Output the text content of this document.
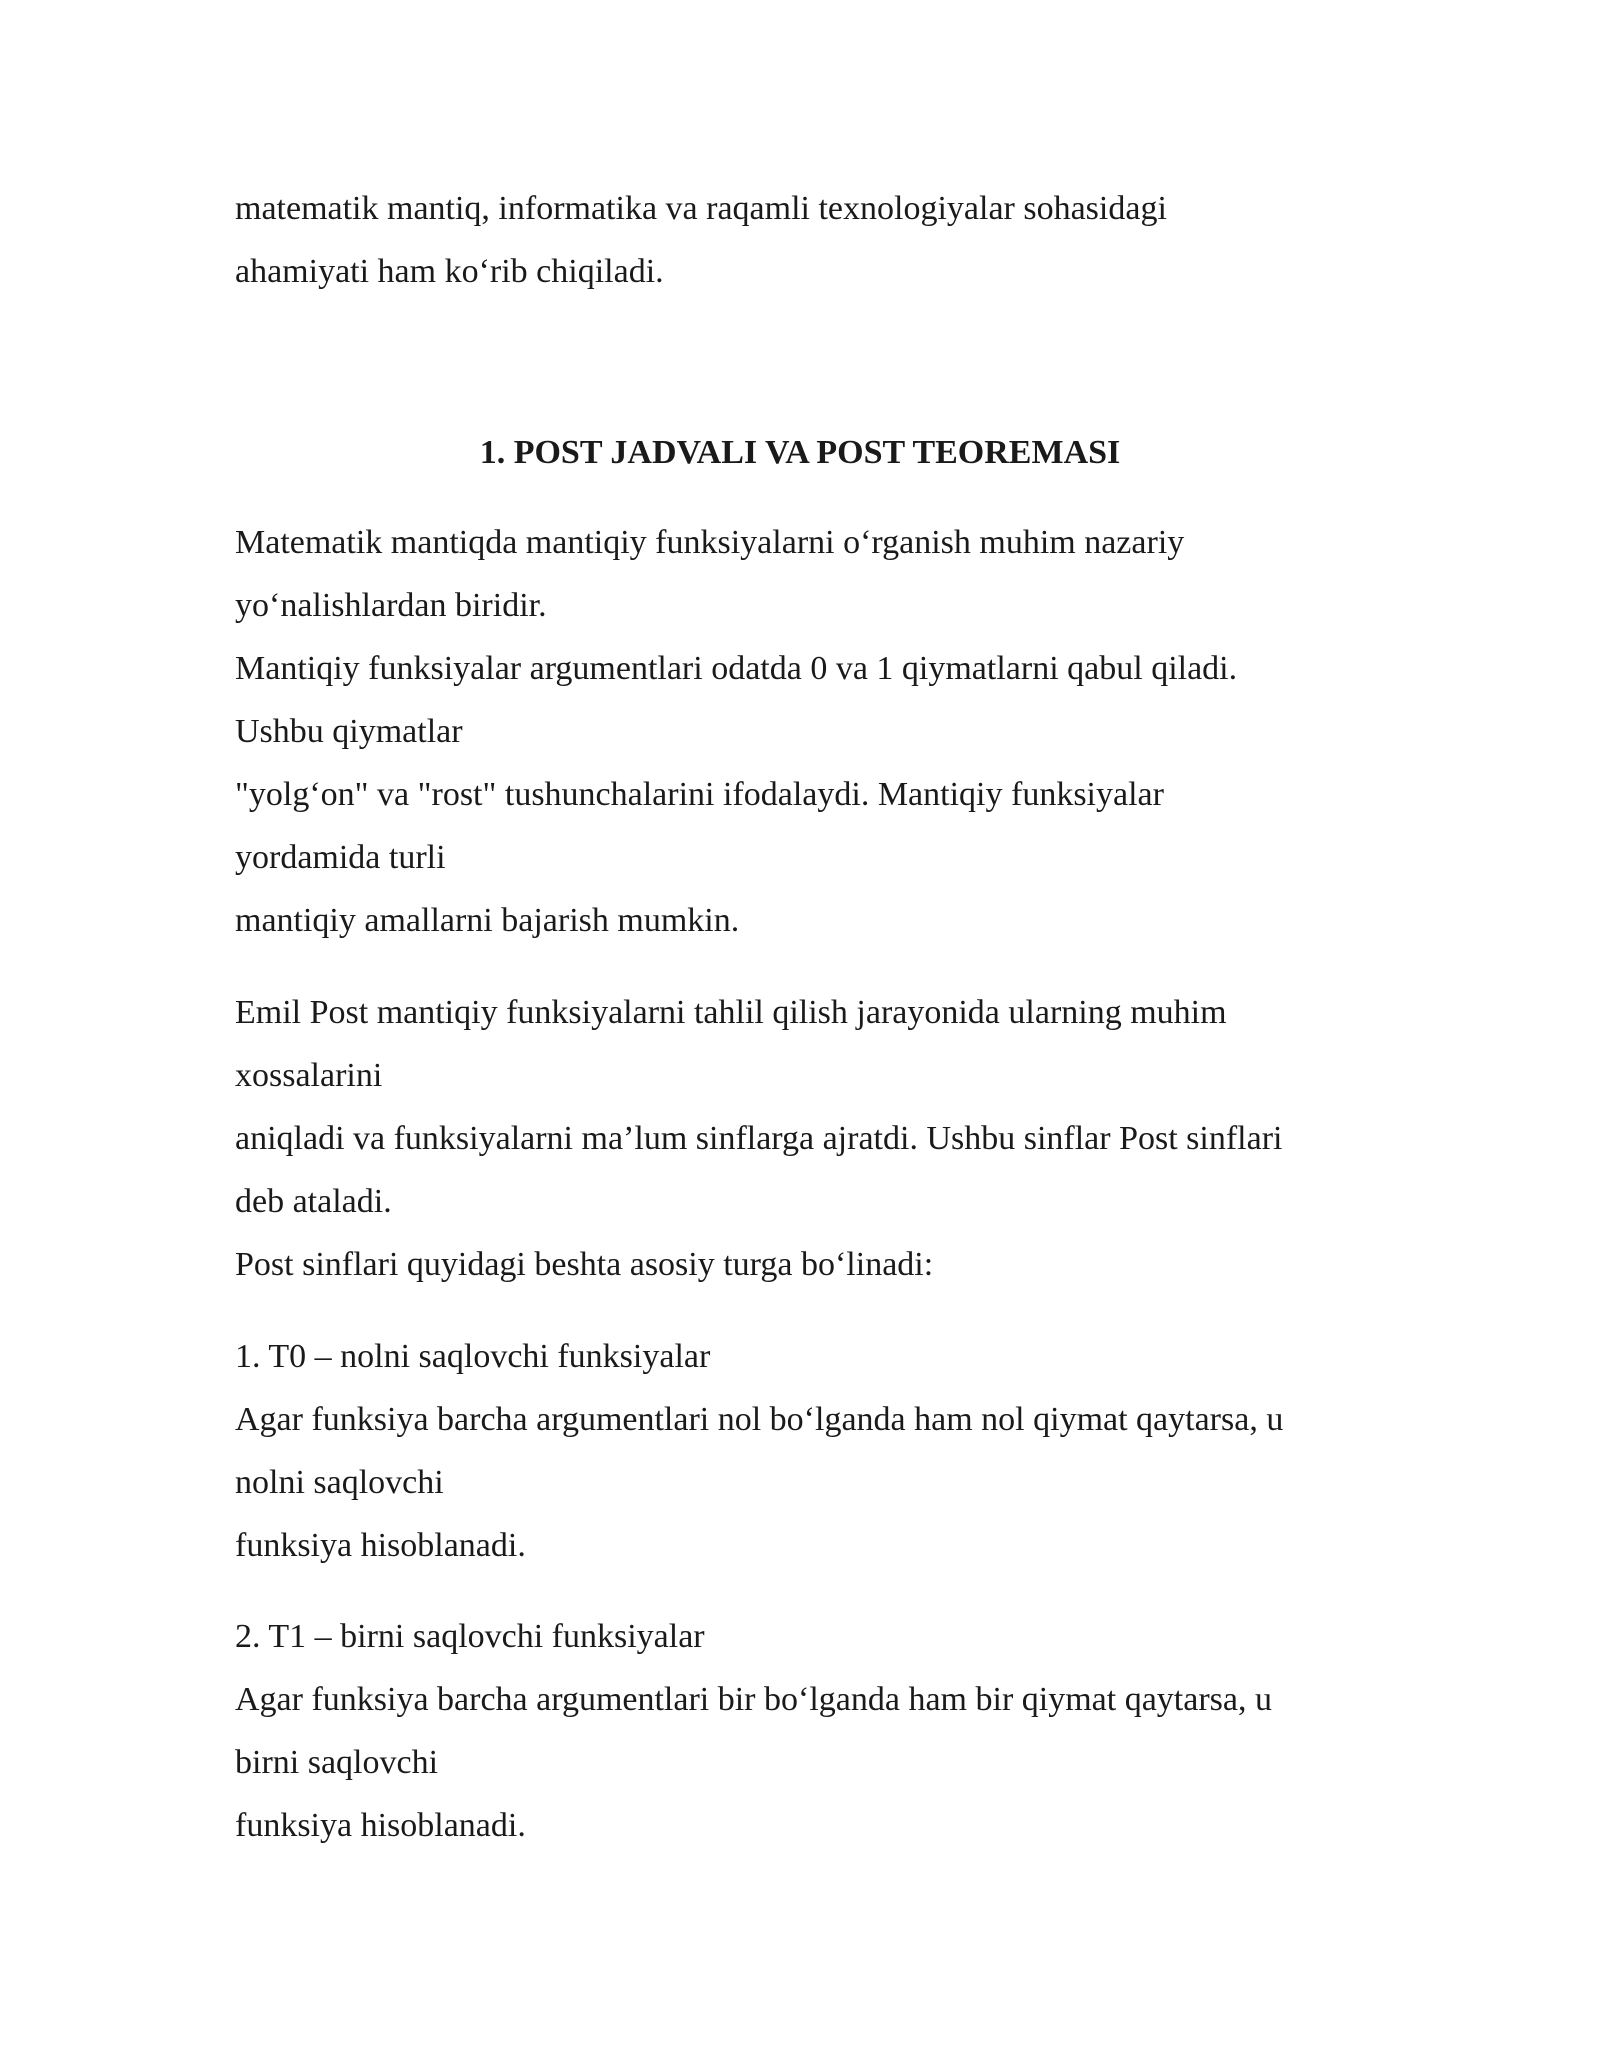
matematik mantiq, informatika va raqamli texnologiyalar sohasidagi
ahamiyati ham ko‘rib chiqiladi.

1. POST JADVALI VA POST TEOREMASI

Matematik mantiqda mantiqiy funksiyalarni o‘rganish muhim nazariy
yo‘nalishlardan biridir.
Mantiqiy funksiyalar argumentlari odatda 0 va 1 qiymatlarni qabul qiladi.
Ushbu qiymatlar
"yolg‘on" va "rost" tushunchalarini ifodalaydi. Mantiqiy funksiyalar
yordamida turli
mantiqiy amallarni bajarish mumkin.

Emil Post mantiqiy funksiyalarni tahlil qilish jarayonida ularning muhim
xossalarini
aniqladi va funksiyalarni ma’lum sinflarga ajratdi. Ushbu sinflar Post sinflari
deb ataladi.
Post sinflari quyidagi beshta asosiy turga bo‘linadi:

1. T0 – nolni saqlovchi funksiyalar
Agar funksiya barcha argumentlari nol bo‘lganda ham nol qiymat qaytarsa, u
nolni saqlovchi
funksiya hisoblanadi.

2. T1 – birni saqlovchi funksiyalar
Agar funksiya barcha argumentlari bir bo‘lganda ham bir qiymat qaytarsa, u
birni saqlovchi
funksiya hisoblanadi.
